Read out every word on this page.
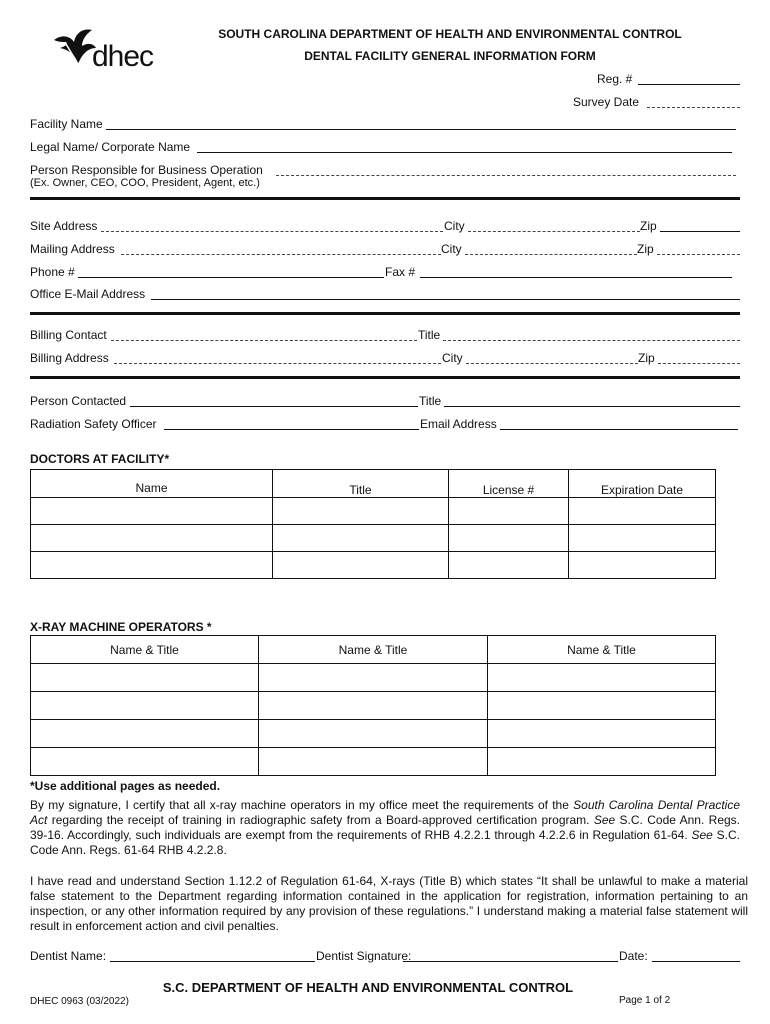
dhec
SOUTH CAROLINA DEPARTMENT OF HEALTH AND ENVIRONMENTAL CONTROL
DENTAL FACILITY GENERAL INFORMATION FORM
Reg. #
Survey Date
Facility Name
Legal Name/ Corporate Name
Person Responsible for Business Operation
(Ex. Owner, CEO, COO, President, Agent, etc.)
Site Address	City	Zip
Mailing Address	City	Zip
Phone #	Fax #
Office E-Mail Address
Billing Contact	Title
Billing Address	City	Zip
Person Contacted	Title
Radiation Safety Officer	Email Address
DOCTORS AT FACILITY*
Name	Title	License #	Expiration Date

X-RAY MACHINE OPERATORS *
Name & Title	Name & Title	Name & Title

*Use additional pages as needed.
By my signature, I certify that all x-ray machine operators in my office meet the requirements of the South Carolina Dental Practice Act regarding the receipt of training in radiographic safety from a Board-approved certification program. See S.C. Code Ann. Regs. 39-16. Accordingly, such individuals are exempt from the requirements of RHB 4.2.2.1 through 4.2.2.6 in Regulation 61-64. See S.C. Code Ann. Regs. 61-64 RHB 4.2.2.8.
I have read and understand Section 1.12.2 of Regulation 61-64, X-rays (Title B) which states “It shall be unlawful to make a material false statement to the Department regarding information contained in the application for registration, information pertaining to an inspection, or any other information required by any provision of these regulations.” I understand making a material false statement will result in enforcement action and civil penalties.
Dentist Name:	Dentist Signature:	Date:
S.C. DEPARTMENT OF HEALTH AND ENVIRONMENTAL CONTROL
DHEC 0963 (03/2022)	Page 1 of 2
